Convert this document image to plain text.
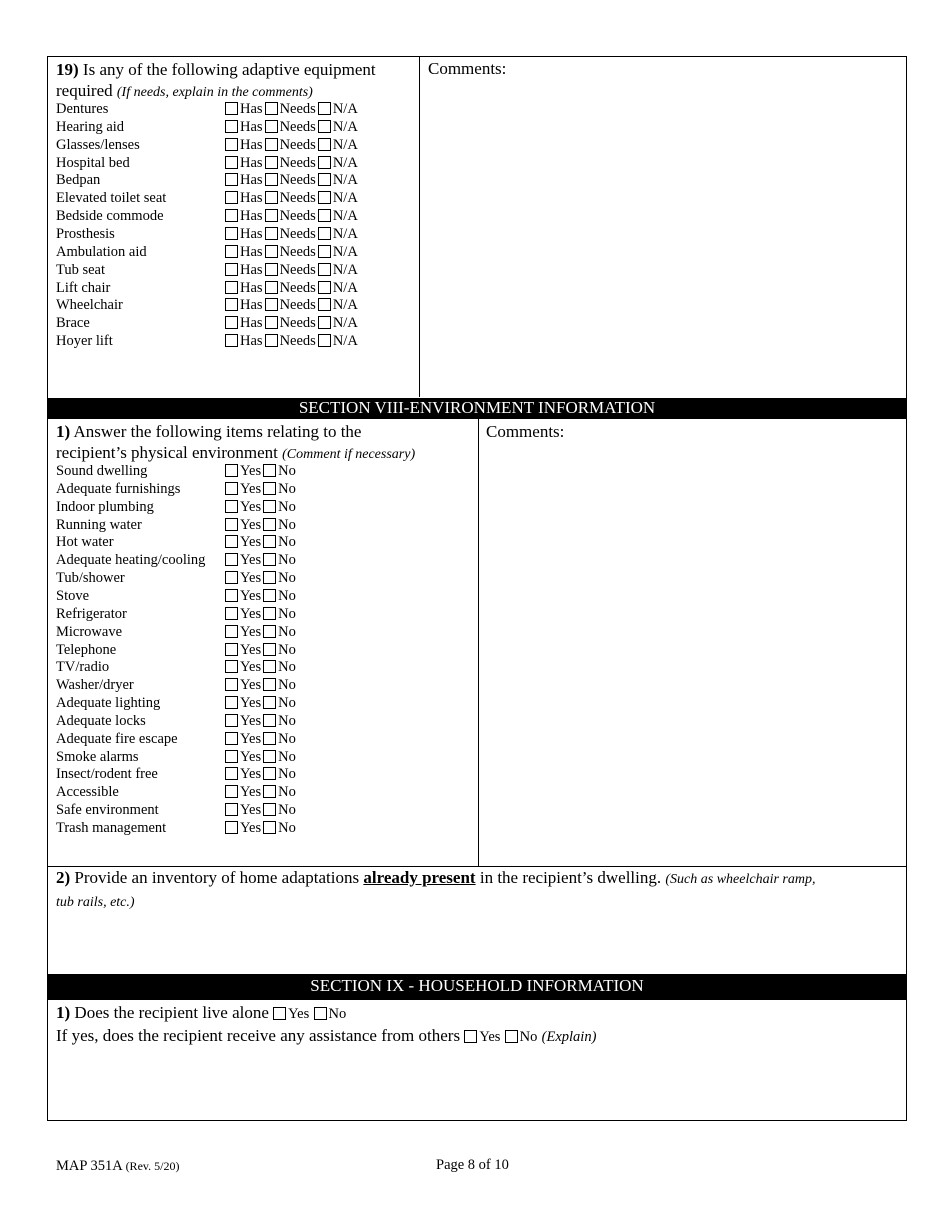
19) Is any of the following adaptive equipment
required (If needs, explain in the comments)
Comments:
Dentures	Has Needs N/A
Hearing aid	Has Needs N/A
Glasses/lenses	Has Needs N/A
Hospital bed	Has Needs N/A
Bedpan	Has Needs N/A
Elevated toilet seat	Has Needs N/A
Bedside commode	Has Needs N/A
Prosthesis	Has Needs N/A
Ambulation aid	Has Needs N/A
Tub seat	Has Needs N/A
Lift chair	Has Needs N/A
Wheelchair	Has Needs N/A
Brace	Has Needs N/A
Hoyer lift	Has Needs N/A
SECTION VIII-ENVIRONMENT INFORMATION
1) Answer the following items relating to the
recipient’s physical environment (Comment if necessary)
Comments:
Sound dwelling	Yes No
Adequate furnishings	Yes No
Indoor plumbing	Yes No
Running water	Yes No
Hot water	Yes No
Adequate heating/cooling	Yes No
Tub/shower	Yes No
Stove	Yes No
Refrigerator	Yes No
Microwave	Yes No
Telephone	Yes No
TV/radio	Yes No
Washer/dryer	Yes No
Adequate lighting	Yes No
Adequate locks	Yes No
Adequate fire escape	Yes No
Smoke alarms	Yes No
Insect/rodent free	Yes No
Accessible	Yes No
Safe environment	Yes No
Trash management	Yes No
2) Provide an inventory of home adaptations already present in the recipient’s dwelling. (Such as wheelchair ramp,
tub rails, etc.)
SECTION IX - HOUSEHOLD INFORMATION
1) Does the recipient live alone Yes No
If yes, does the recipient receive any assistance from others Yes No (Explain)
MAP 351A (Rev. 5/20)	Page 8 of 10
